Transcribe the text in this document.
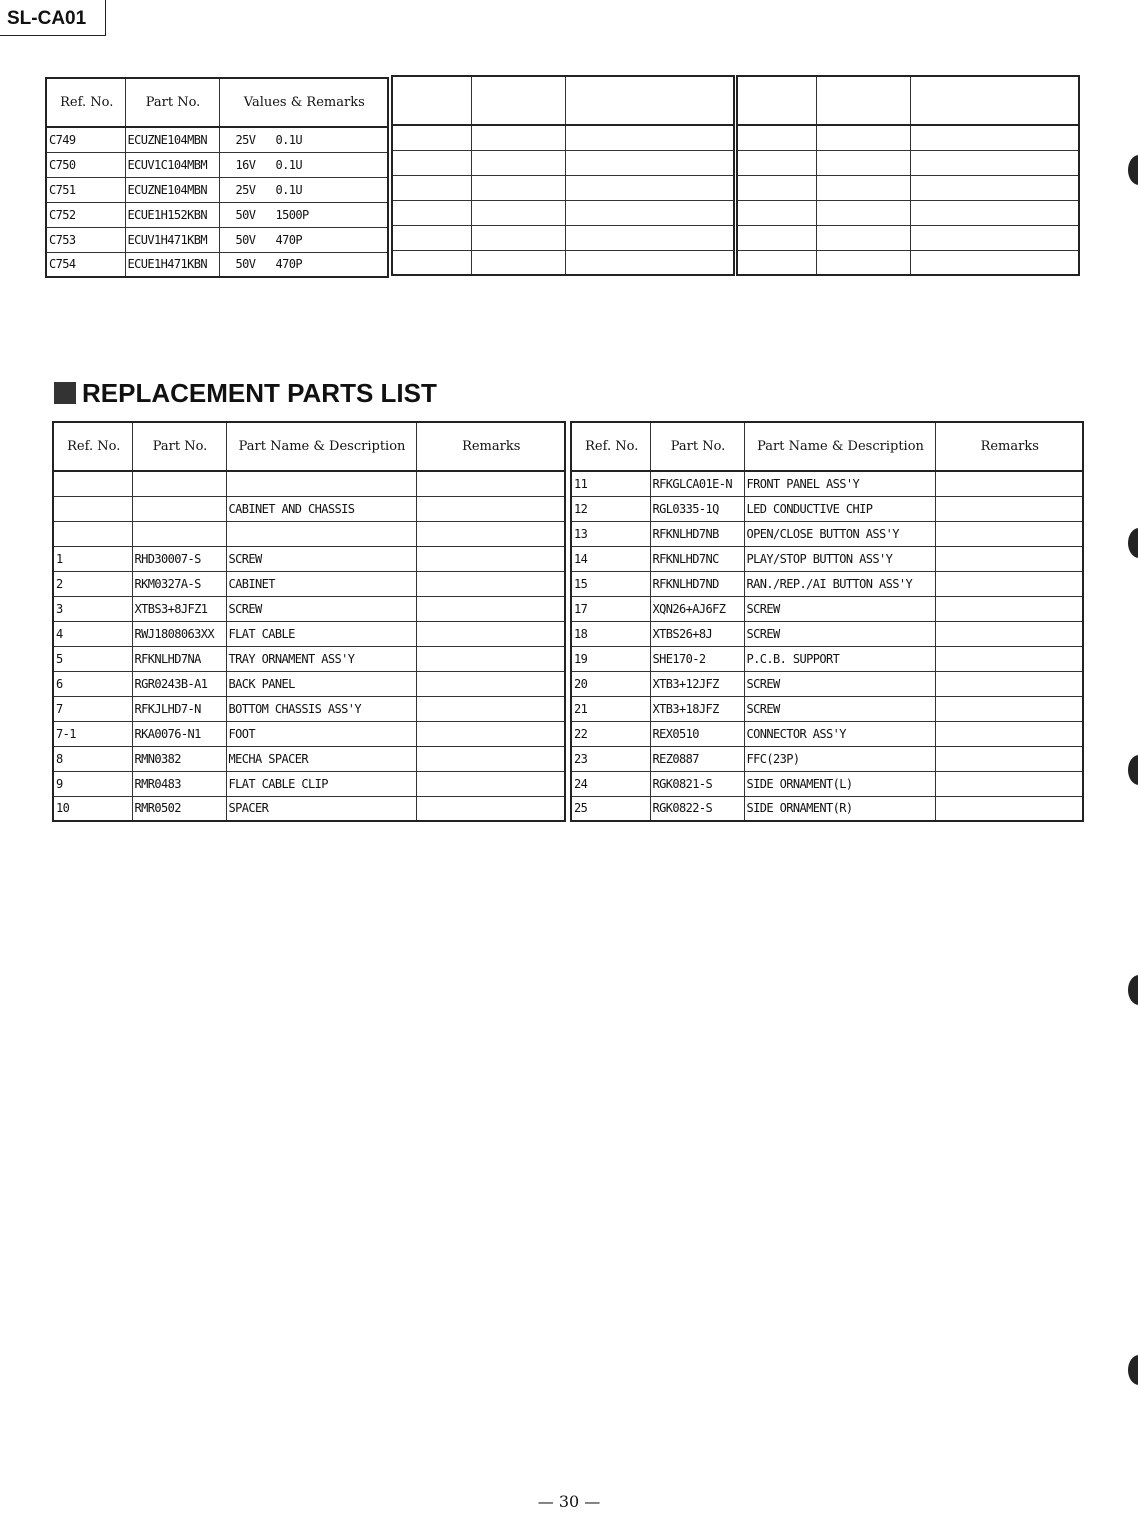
SL-CA01
Ref. No.	Part No.	Values & Remarks
C749	ECUZNE104MBN	25V 0.1U
C750	ECUV1C104MBM	16V 0.1U
C751	ECUZNE104MBN	25V 0.1U
C752	ECUE1H152KBN	50V 1500P
C753	ECUV1H471KBM	50V 470P
C754	ECUE1H471KBN	50V 470P

REPLACEMENT PARTS LIST
Ref. No.	Part No.	Part Name & Description	Remarks

		CABINET AND CHASSIS	

1	RHD30007-S	SCREW	
2	RKM0327A-S	CABINET	
3	XTBS3+8JFZ1	SCREW	
4	RWJ1808063XX	FLAT CABLE	
5	RFKNLHD7NA	TRAY ORNAMENT ASS'Y	
6	RGR0243B-A1	BACK PANEL	
7	RFKJLHD7-N	BOTTOM CHASSIS ASS'Y	
7-1	RKA0076-N1	FOOT	
8	RMN0382	MECHA SPACER	
9	RMR0483	FLAT CABLE CLIP	
10	RMR0502	SPACER	
Ref. No.	Part No.	Part Name & Description	Remarks
11	RFKGLCA01E-N	FRONT PANEL ASS'Y	
12	RGL0335-1Q	LED CONDUCTIVE CHIP	
13	RFKNLHD7NB	OPEN/CLOSE BUTTON ASS'Y	
14	RFKNLHD7NC	PLAY/STOP BUTTON ASS'Y	
15	RFKNLHD7ND	RAN./REP./AI BUTTON ASS'Y	
17	XQN26+AJ6FZ	SCREW	
18	XTBS26+8J	SCREW	
19	SHE170-2	P.C.B. SUPPORT	
20	XTB3+12JFZ	SCREW	
21	XTB3+18JFZ	SCREW	
22	REX0510	CONNECTOR ASS'Y	
23	REZ0887	FFC(23P)	
24	RGK0821-S	SIDE ORNAMENT(L)	
25	RGK0822-S	SIDE ORNAMENT(R)	
— 30 —
